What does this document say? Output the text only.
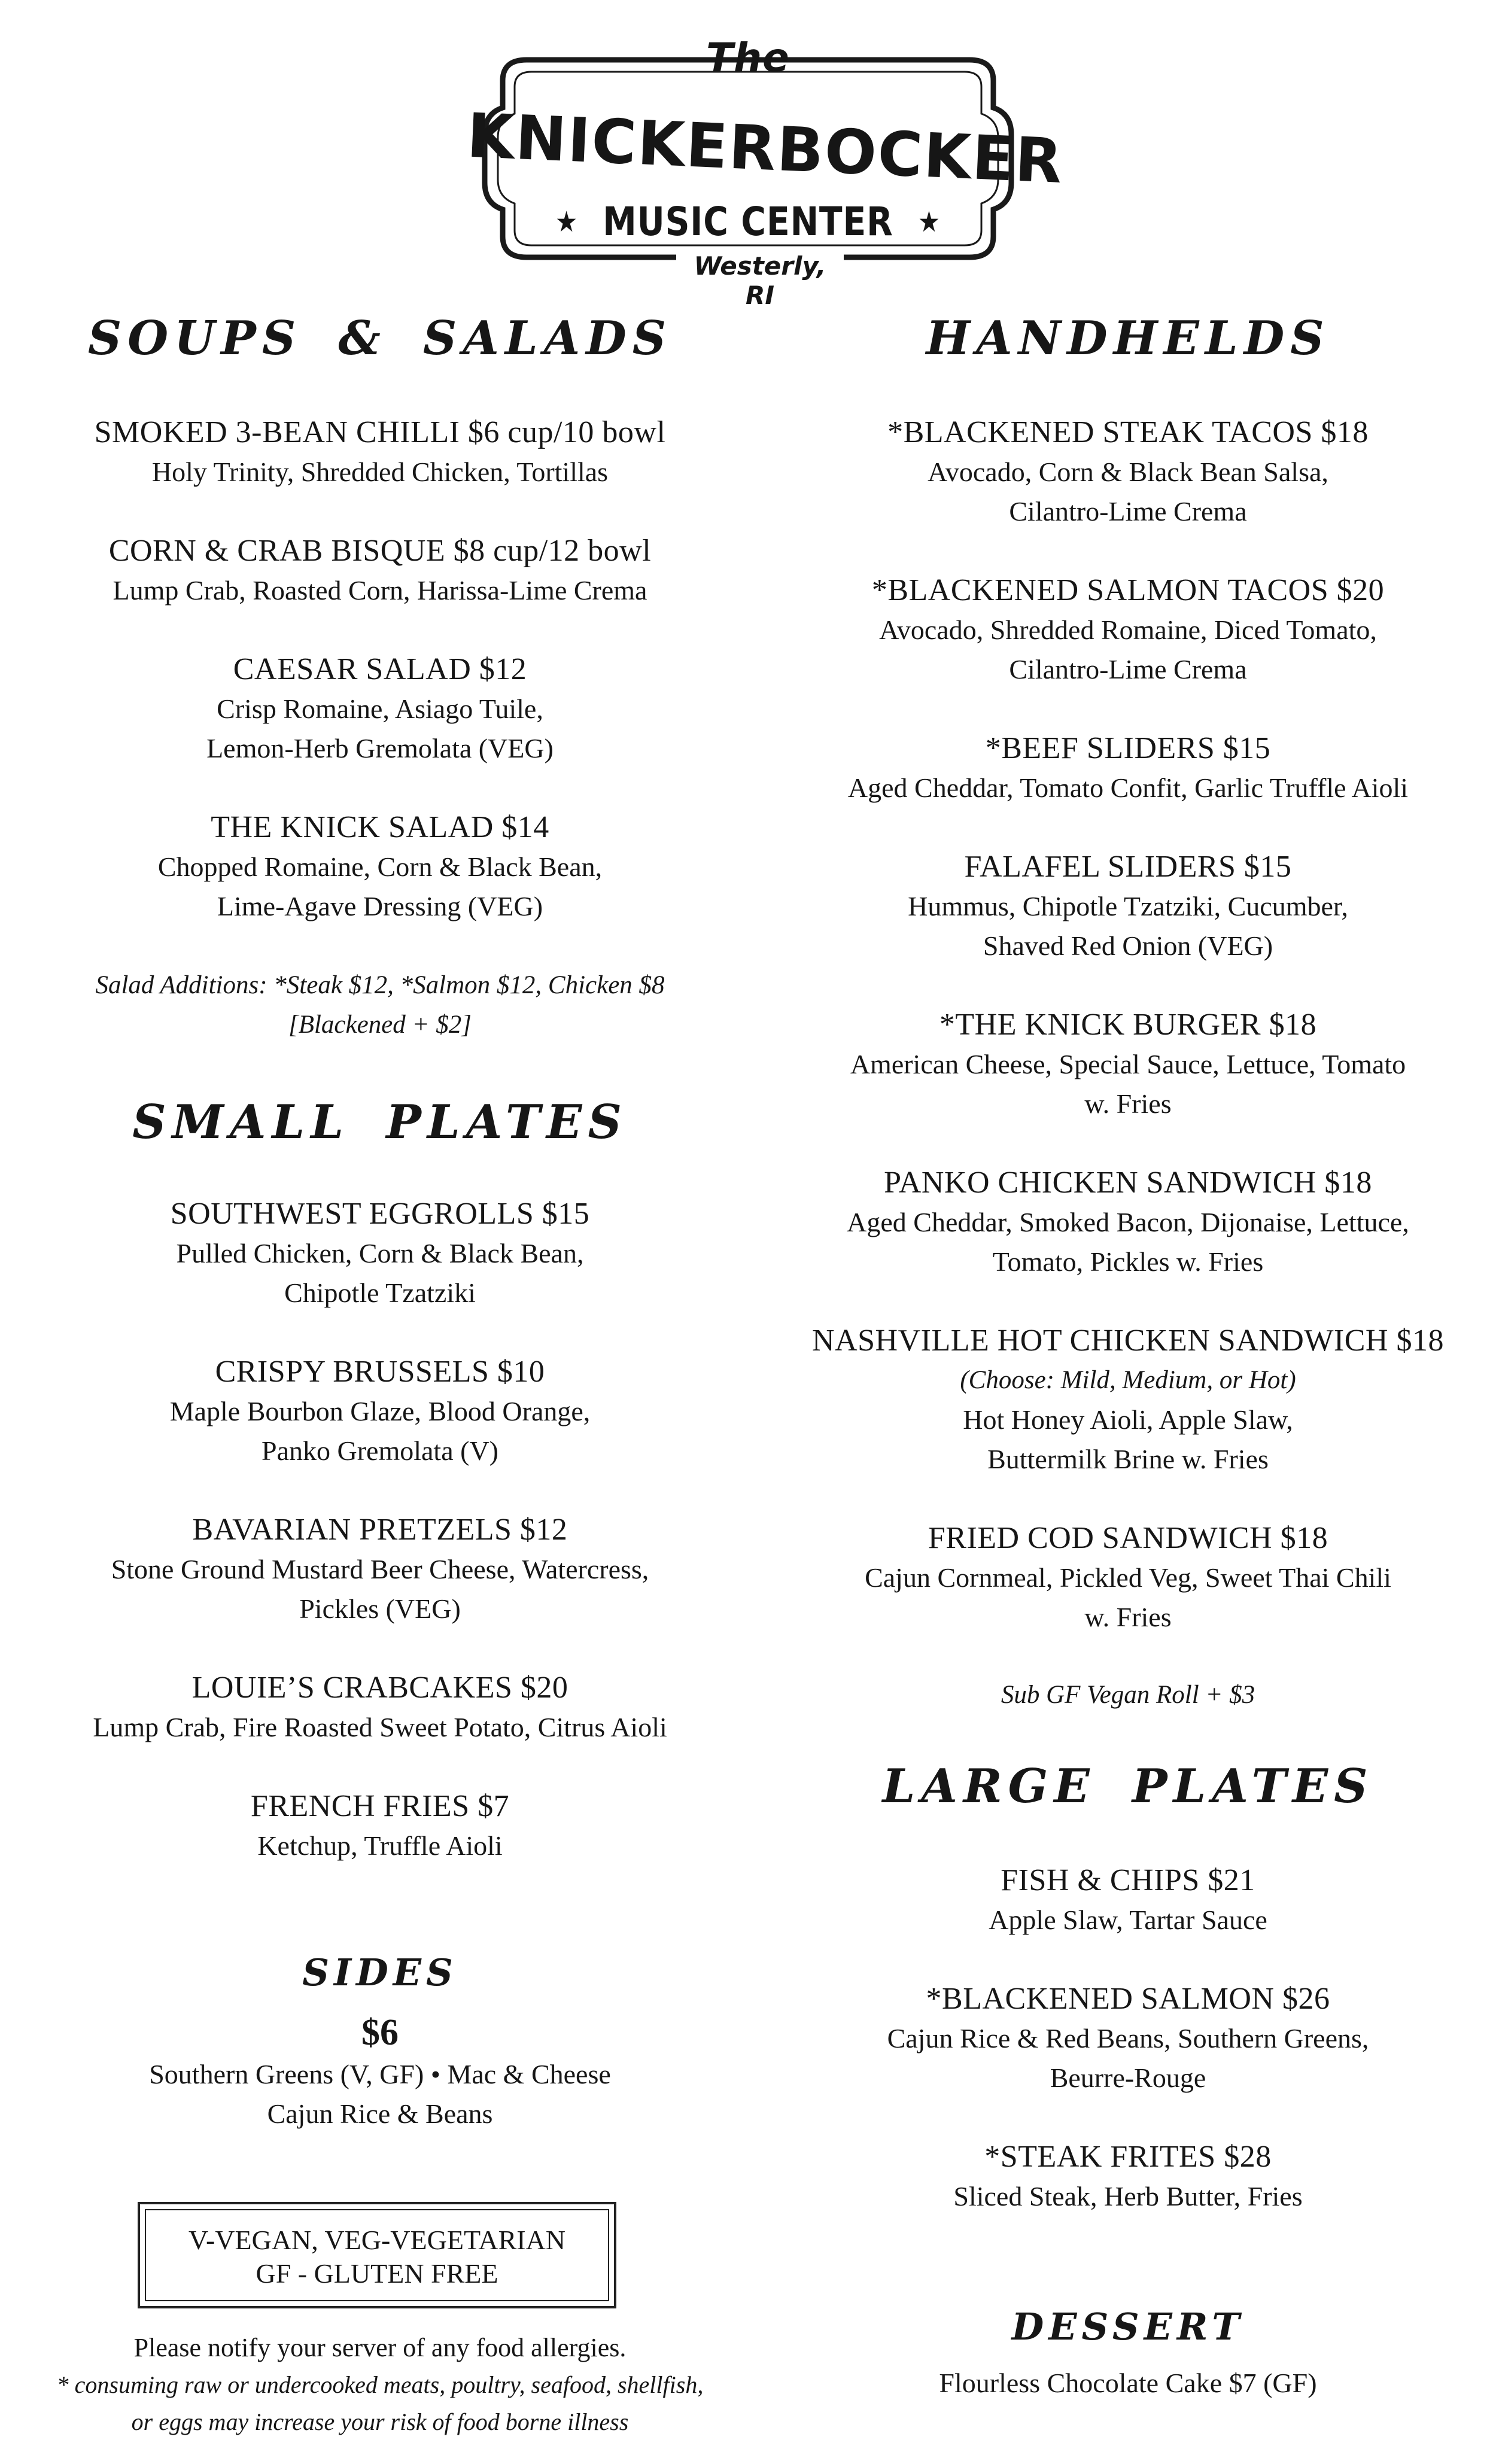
The
KNICKERBOCKER
★ MUSIC CENTER ★
Westerly, RI
SOUPS & SALADS
SMOKED 3-BEAN CHILLI $6 cup/10 bowl
Holy Trinity, Shredded Chicken, Tortillas
CORN & CRAB BISQUE $8 cup/12 bowl
Lump Crab, Roasted Corn, Harissa-Lime Crema
CAESAR SALAD $12
Crisp Romaine, Asiago Tuile,
Lemon-Herb Gremolata (VEG)
THE KNICK SALAD $14
Chopped Romaine, Corn & Black Bean,
Lime-Agave Dressing (VEG)
Salad Additions: *Steak $12, *Salmon $12, Chicken $8
[Blackened + $2]
SMALL PLATES
SOUTHWEST EGGROLLS $15
Pulled Chicken, Corn & Black Bean,
Chipotle Tzatziki
CRISPY BRUSSELS $10
Maple Bourbon Glaze, Blood Orange,
Panko Gremolata (V)
BAVARIAN PRETZELS $12
Stone Ground Mustard Beer Cheese, Watercress,
Pickles (VEG)
LOUIE’S CRABCAKES $20
Lump Crab, Fire Roasted Sweet Potato, Citrus Aioli
FRENCH FRIES $7
Ketchup, Truffle Aioli
SIDES
$6
Southern Greens (V, GF) • Mac & Cheese
Cajun Rice & Beans
V-VEGAN, VEG-VEGETARIAN
GF - GLUTEN FREE
Please notify your server of any food allergies.
* consuming raw or undercooked meats, poultry, seafood, shellfish,
or eggs may increase your risk of food borne illness
HANDHELDS
*BLACKENED STEAK TACOS $18
Avocado, Corn & Black Bean Salsa,
Cilantro-Lime Crema
*BLACKENED SALMON TACOS $20
Avocado, Shredded Romaine, Diced Tomato,
Cilantro-Lime Crema
*BEEF SLIDERS $15
Aged Cheddar, Tomato Confit, Garlic Truffle Aioli
FALAFEL SLIDERS $15
Hummus, Chipotle Tzatziki, Cucumber,
Shaved Red Onion (VEG)
*THE KNICK BURGER $18
American Cheese, Special Sauce, Lettuce, Tomato
w. Fries
PANKO CHICKEN SANDWICH $18
Aged Cheddar, Smoked Bacon, Dijonaise, Lettuce,
Tomato, Pickles w. Fries
NASHVILLE HOT CHICKEN SANDWICH $18
(Choose: Mild, Medium, or Hot)
Hot Honey Aioli, Apple Slaw,
Buttermilk Brine w. Fries
FRIED COD SANDWICH $18
Cajun Cornmeal, Pickled Veg, Sweet Thai Chili
w. Fries
Sub GF Vegan Roll + $3
LARGE PLATES
FISH & CHIPS $21
Apple Slaw, Tartar Sauce
*BLACKENED SALMON $26
Cajun Rice & Red Beans, Southern Greens,
Beurre-Rouge
*STEAK FRITES $28
Sliced Steak, Herb Butter, Fries
DESSERT
Flourless Chocolate Cake $7 (GF)
